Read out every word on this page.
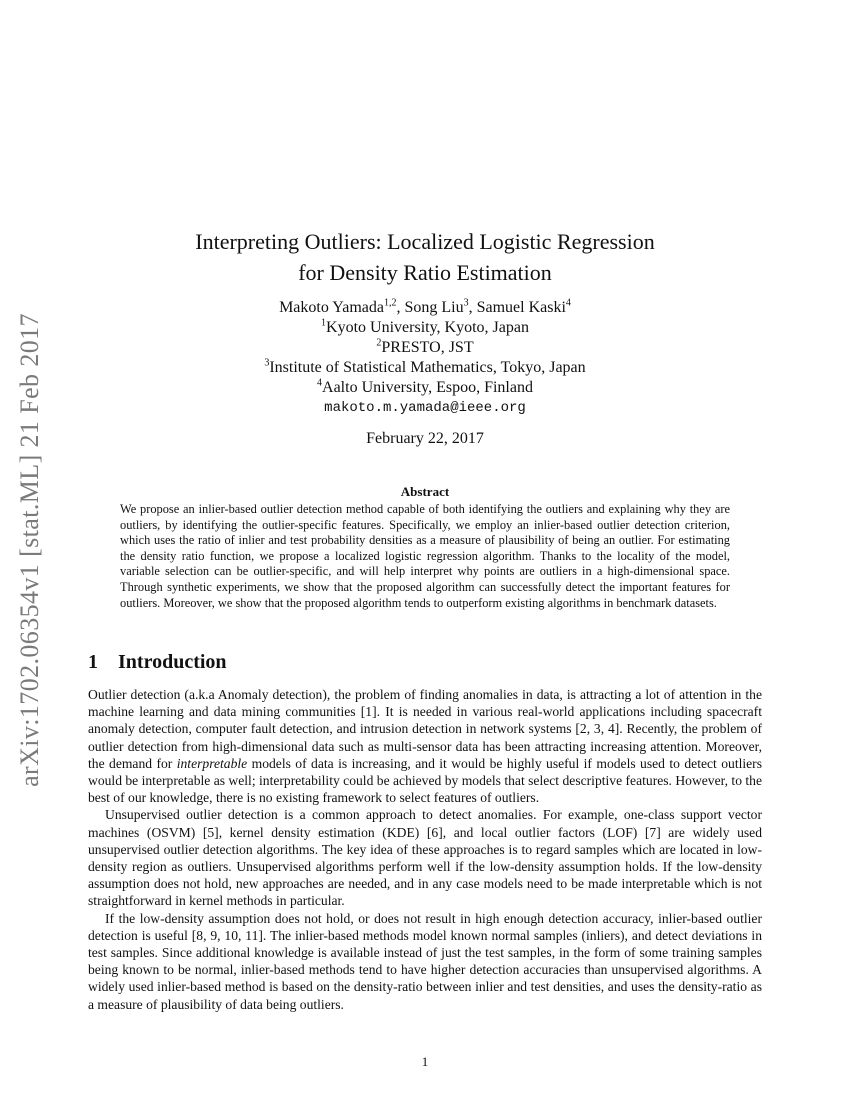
arXiv:1702.06354v1 [stat.ML] 21 Feb 2017
Interpreting Outliers: Localized Logistic Regression
for Density Ratio Estimation
Makoto Yamada$^{1,2}$, Song Liu$^3$, Samuel Kaski$^4$
$^1$Kyoto University, Kyoto, Japan
$^2$PRESTO, JST
$^3$Institute of Statistical Mathematics, Tokyo, Japan
$^4$Aalto University, Espoo, Finland
makoto.m.yamada@ieee.org
February 22, 2017
Abstract

We propose an inlier-based outlier detection method capable of both identifying the outliers and explaining why they are outliers, by identifying the outlier-specific features. Specifically, we employ an inlier-based outlier detection criterion, which uses the ratio of inlier and test probability densities as a measure of plausibility of being an outlier. For estimating the density ratio function, we propose a localized logistic regression algorithm. Thanks to the locality of the model, variable selection can be outlier-specific, and will help interpret why points are outliers in a high-dimensional space. Through synthetic experiments, we show that the proposed algorithm can successfully detect the important features for outliers. Moreover, we show that the proposed algorithm tends to outperform existing algorithms in benchmark datasets.

1 Introduction

Outlier detection (a.k.a Anomaly detection), the problem of finding anomalies in data, is attracting a lot of attention in the machine learning and data mining communities [1]. It is needed in various real-world applications including spacecraft anomaly detection, computer fault detection, and intrusion detection in network systems [2, 3, 4]. Recently, the problem of outlier detection from high-dimensional data such as multi-sensor data has been attracting increasing attention. Moreover, the demand for interpretable models of data is increasing, and it would be highly useful if models used to detect outliers would be interpretable as well; interpretability could be achieved by models that select descriptive features. However, to the best of our knowledge, there is no existing framework to select features of outliers.

Unsupervised outlier detection is a common approach to detect anomalies. For example, one-class support vector machines (OSVM) [5], kernel density estimation (KDE) [6], and local outlier factors (LOF) [7] are widely used unsupervised outlier detection algorithms. The key idea of these approaches is to regard samples which are located in low-density region as outliers. Unsupervised algorithms perform well if the low-density assumption holds. If the low-density assumption does not hold, new approaches are needed, and in any case models need to be made interpretable which is not straightforward in kernel methods in particular.

If the low-density assumption does not hold, or does not result in high enough detection accuracy, inlier-based outlier detection is useful [8, 9, 10, 11]. The inlier-based methods model known normal samples (inliers), and detect deviations in test samples. Since additional knowledge is available instead of just the test samples, in the form of some training samples being known to be normal, inlier-based methods tend to have higher detection accuracies than unsupervised algorithms. A widely used inlier-based method is based on the density-ratio between inlier and test densities, and uses the density-ratio as a measure of plausibility of data being outliers.

1
